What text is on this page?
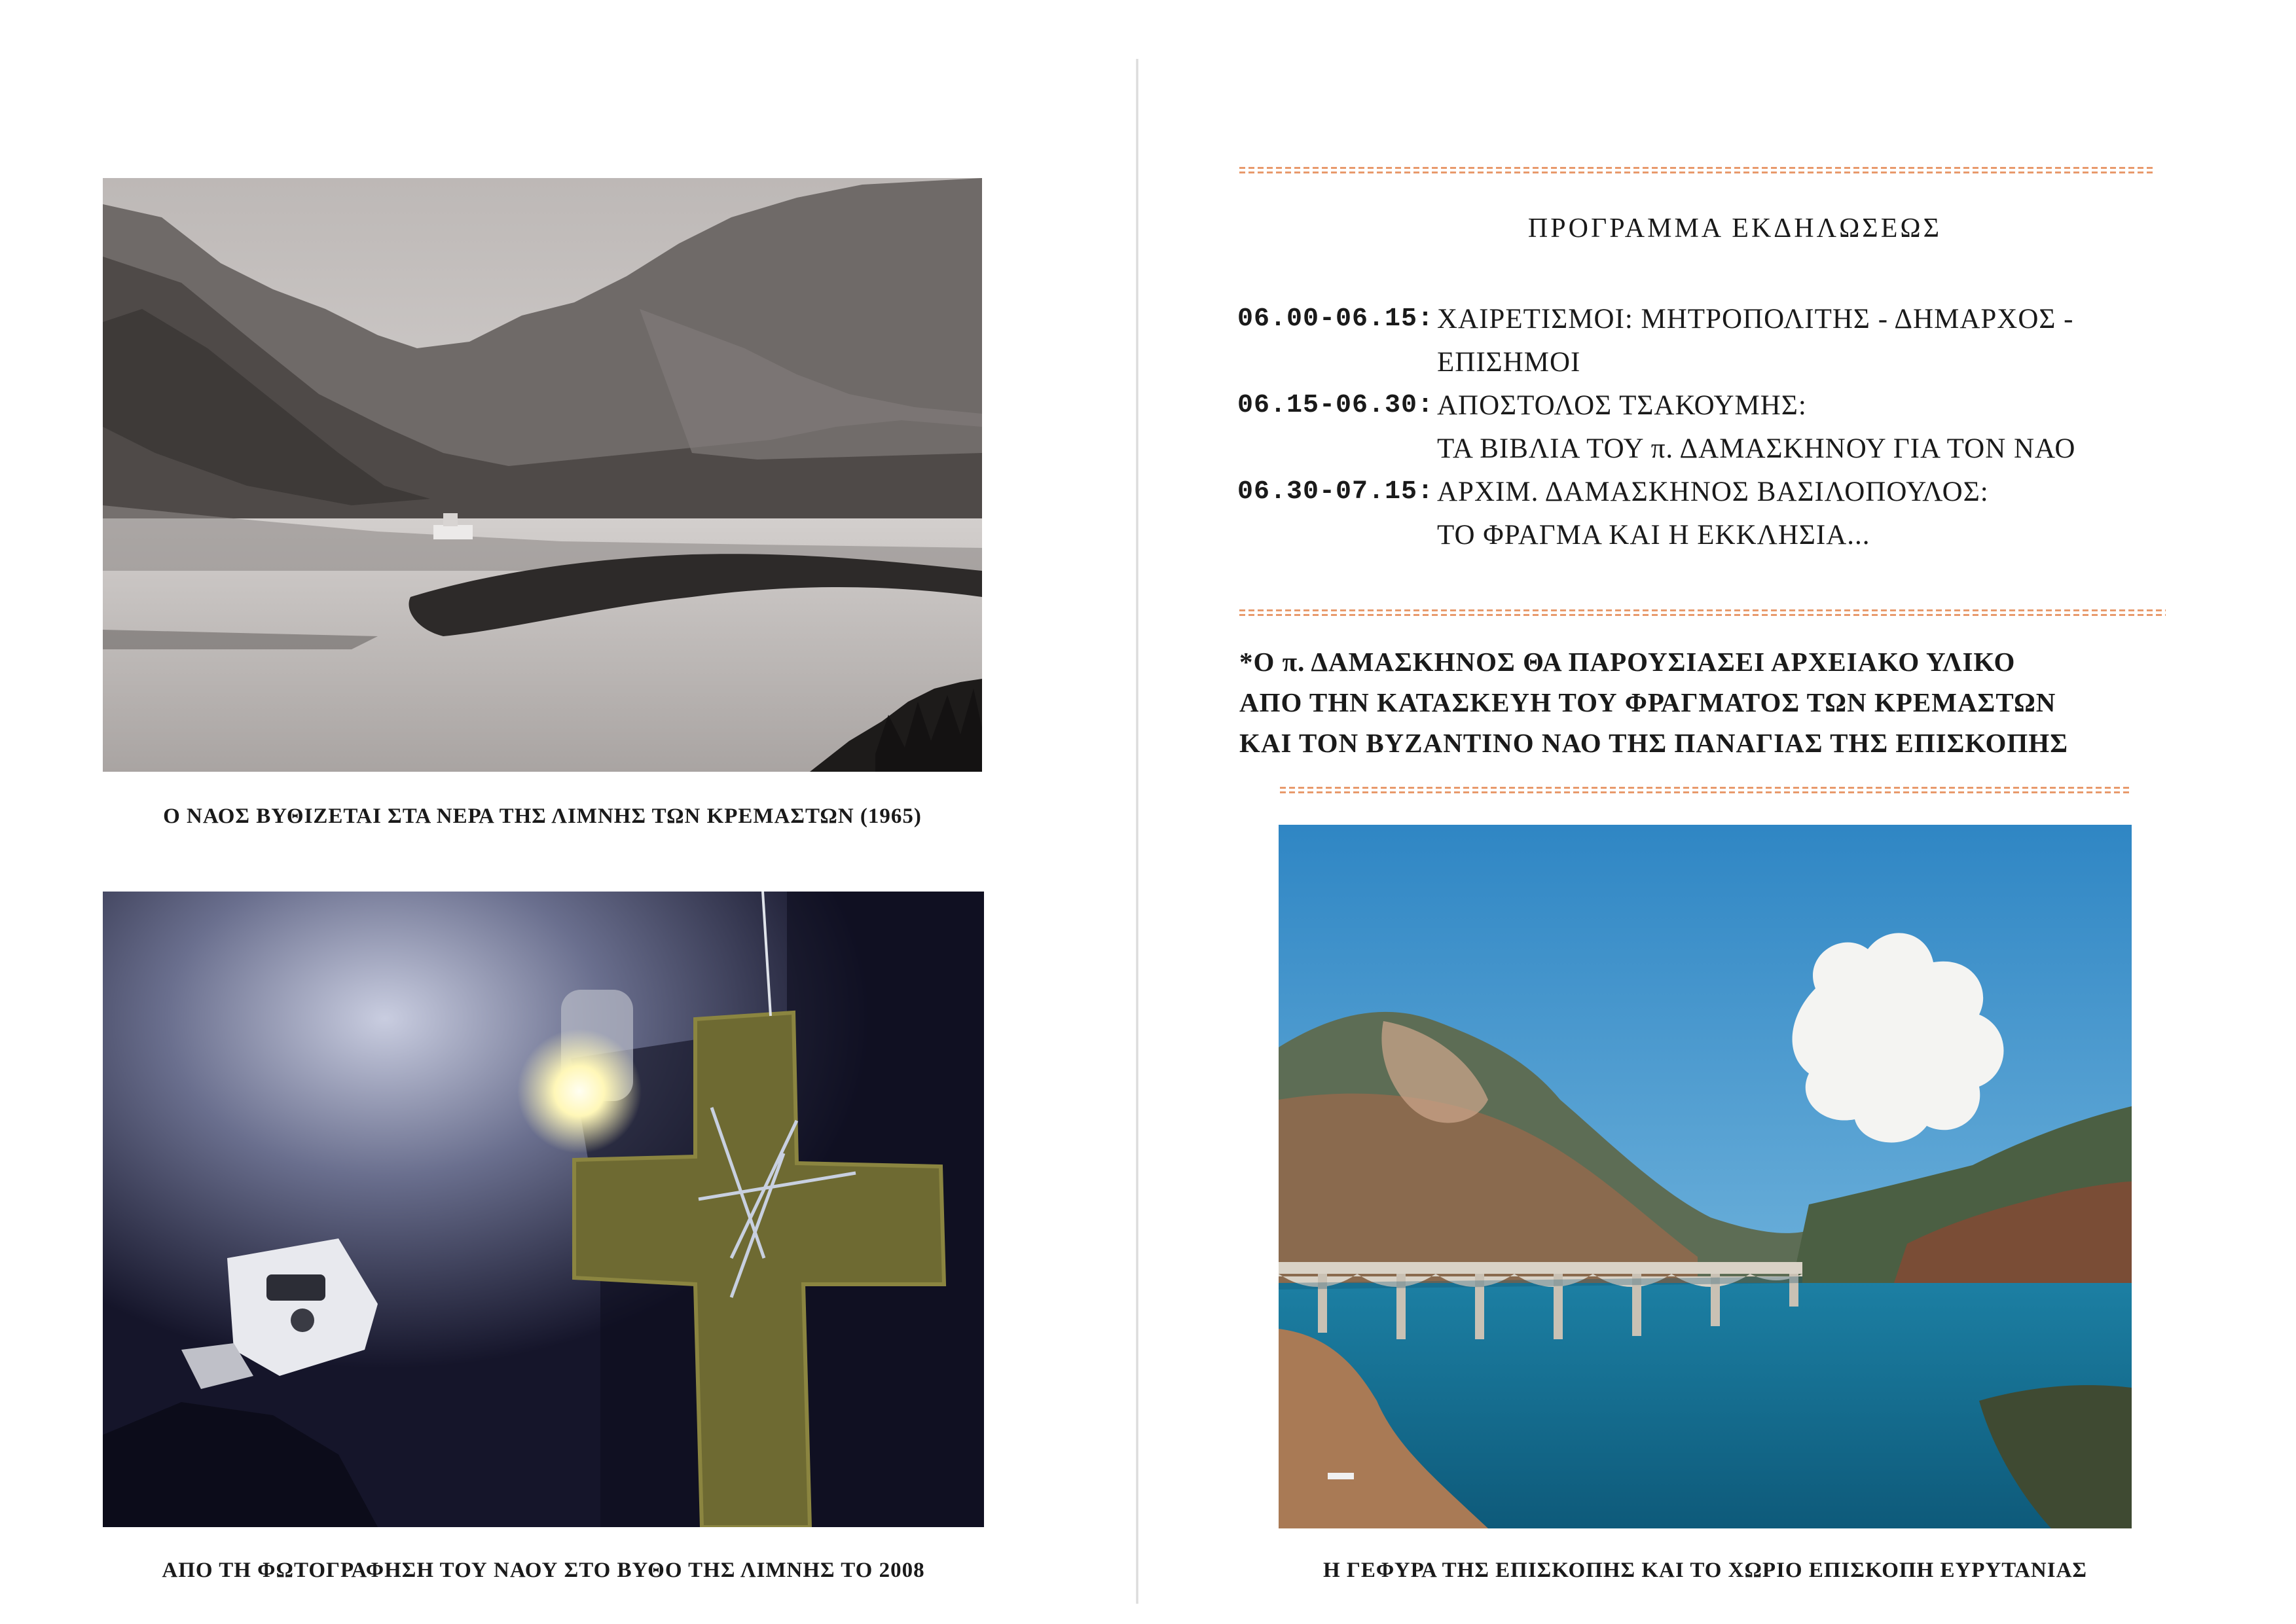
Ο ΝΑΟΣ ΒΥΘΙΖΕΤΑΙ ΣΤΑ ΝΕΡΑ ΤΗΣ ΛΙΜΝΗΣ ΤΩΝ ΚΡΕΜΑΣΤΩΝ (1965)
ΑΠΟ ΤΗ ΦΩΤΟΓΡΑΦΗΣΗ ΤΟΥ ΝΑΟΥ ΣΤΟ ΒΥΘΟ ΤΗΣ ΛΙΜΝΗΣ ΤΟ 2008
ΠΡΟΓΡΑΜΜΑ ΕΚΔΗΛΩΣΕΩΣ
06.00-06.15: ΧΑΙΡΕΤΙΣΜΟΙ: ΜΗΤΡΟΠΟΛΙΤΗΣ - ΔΗΜΑΡΧΟΣ -
ΕΠΙΣΗΜΟΙ
06.15-06.30: ΑΠΟΣΤΟΛΟΣ ΤΣΑΚΟΥΜΗΣ:
ΤΑ ΒΙΒΛΙΑ ΤΟΥ π. ΔΑΜΑΣΚΗΝΟΥ ΓΙΑ ΤΟΝ ΝΑΟ
06.30-07.15: ΑΡΧΙΜ. ΔΑΜΑΣΚΗΝΟΣ ΒΑΣΙΛΟΠΟΥΛΟΣ:
ΤΟ ΦΡΑΓΜΑ ΚΑΙ Η ΕΚΚΛΗΣΙΑ...
*Ο π. ΔΑΜΑΣΚΗΝΟΣ ΘΑ ΠΑΡΟΥΣΙΑΣΕΙ ΑΡΧΕΙΑΚΟ ΥΛΙΚΟ
ΑΠΟ ΤΗΝ ΚΑΤΑΣΚΕΥΗ ΤΟΥ ΦΡΑΓΜΑΤΟΣ ΤΩΝ ΚΡΕΜΑΣΤΩΝ
ΚΑΙ ΤΟΝ ΒΥΖΑΝΤΙΝΟ ΝΑΟ ΤΗΣ ΠΑΝΑΓΙΑΣ ΤΗΣ ΕΠΙΣΚΟΠΗΣ
Η ΓΕΦΥΡΑ ΤΗΣ ΕΠΙΣΚΟΠΗΣ ΚΑΙ ΤΟ ΧΩΡΙΟ ΕΠΙΣΚΟΠΗ ΕΥΡΥΤΑΝΙΑΣ
